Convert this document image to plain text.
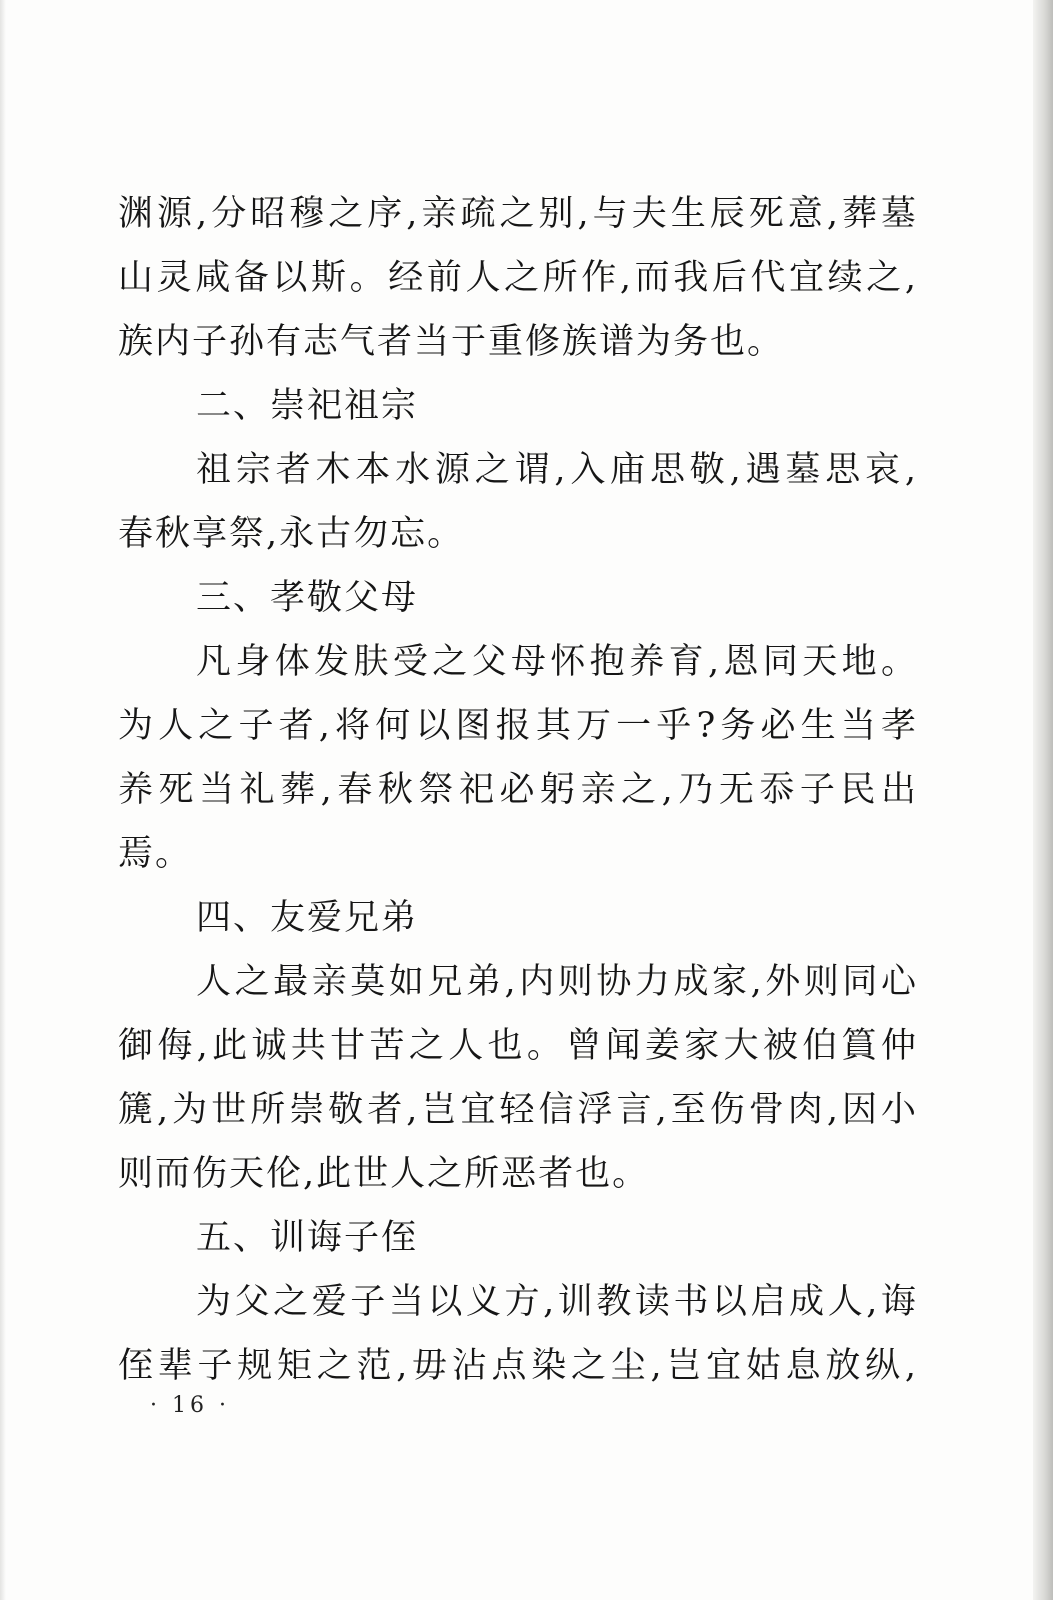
渊源,分昭穆之序,亲疏之别,与夫生辰死意,葬墓
山灵咸备以斯。经前人之所作,而我后代宜续之,
族内子孙有志气者当于重修族谱为务也。
二、崇祀祖宗
祖宗者木本水源之谓,入庙思敬,遇墓思哀,
春秋享祭,永古勿忘。
三、孝敬父母
凡身体发肤受之父母怀抱养育,恩同天地。
为人之子者,将何以图报其万一乎?务必生当孝
养死当礼葬,春秋祭祀必躬亲之,乃无忝子民出
焉。
四、友爱兄弟
人之最亲莫如兄弟,内则协力成家,外则同心
御侮,此诚共甘苦之人也。曾闻姜家大被伯篔仲
篪,为世所崇敬者,岂宜轻信浮言,至伤骨肉,因小
则而伤天伦,此世人之所恶者也。
五、训诲子侄
为父之爱子当以义方,训教读书以启成人,诲
侄辈子规矩之范,毋沾点染之尘,岂宜姑息放纵,
· 16 ·
